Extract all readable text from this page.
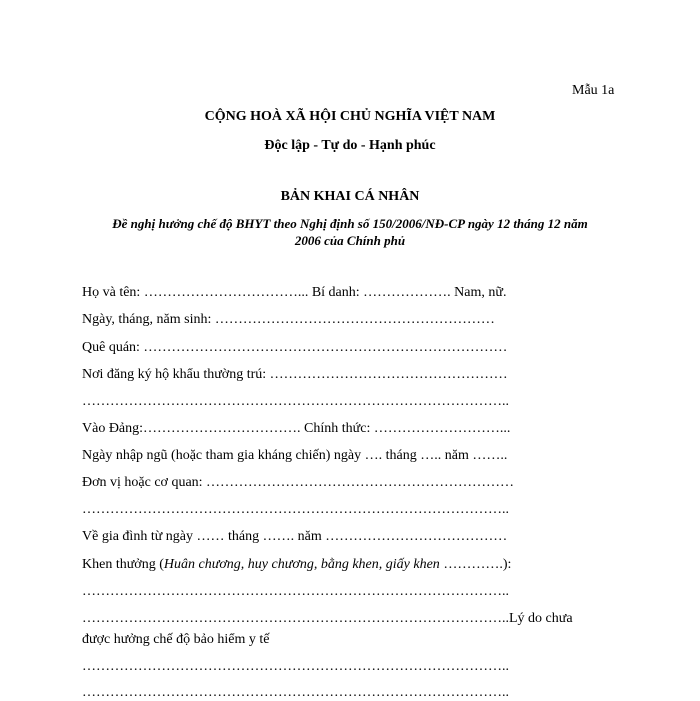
Mẫu 1a
CỘNG HOÀ XÃ HỘI CHỦ NGHĨA VIỆT NAM
Độc lập - Tự do - Hạnh phúc
BẢN KHAI CÁ NHÂN
Đề nghị hưởng chế độ BHYT theo Nghị định số 150/2006/NĐ-CP ngày 12 tháng 12 năm
2006 của Chính phủ
Họ và tên: ……………………………... Bí danh: ………………. Nam, nữ.
Ngày, tháng, năm sinh: ……………………………………………………
Quê quán: ……………………………………………………………………
Nơi đăng ký hộ khẩu thường trú: ……………………………………………
………………………………………………………………………………..
Vào Đảng:……………………………. Chính thức: ………………………...
Ngày nhập ngũ (hoặc tham gia kháng chiến) ngày …. tháng ….. năm ……..
Đơn vị hoặc cơ quan: …………………………………………………………
………………………………………………………………………………..
Về gia đình từ ngày …… tháng ……. năm …………………………………
Khen thưởng (Huân chương, huy chương, bằng khen, giấy khen ………….):
………………………………………………………………………………..
………………………………………………………………………………..Lý do chưa
được hưởng chế độ bảo hiểm y tế
………………………………………………………………………………..
………………………………………………………………………………..
